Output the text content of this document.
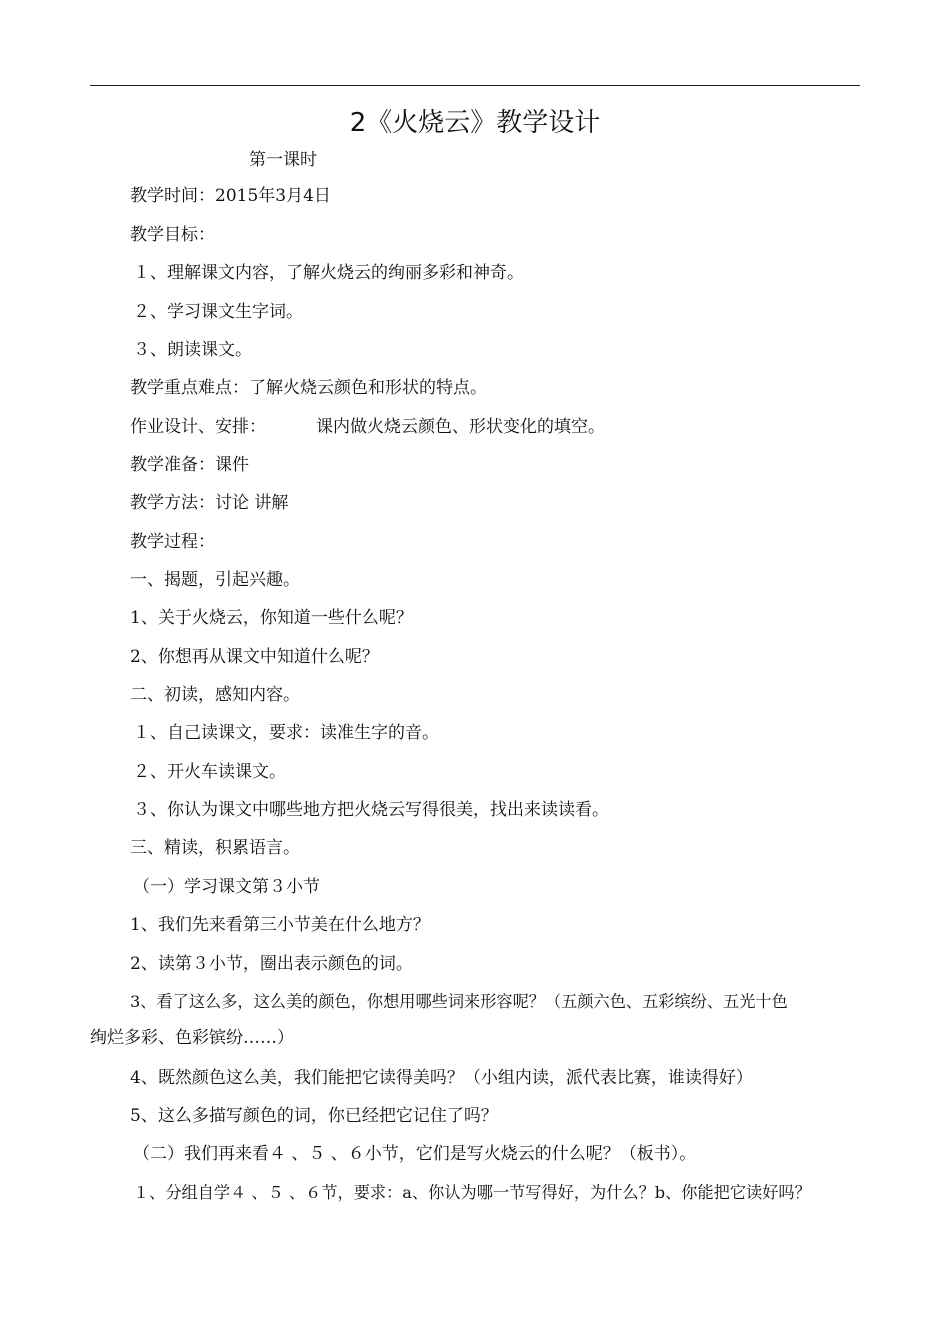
2《火烧云》教学设计
第一课时
教学时间：2015年3月4日
教学目标：
１、理解课文内容，了解火烧云的绚丽多彩和神奇。
２、学习课文生字词。
３、朗读课文。
教学重点难点：了解火烧云颜色和形状的特点。
作业设计、安排：	课内做火烧云颜色、形状变化的填空。
教学准备：课件
教学方法：讨论 讲解
教学过程：
一、揭题，引起兴趣。
1、关于火烧云，你知道一些什么呢？
2、你想再从课文中知道什么呢？
二、初读，感知内容。
１、自己读课文，要求：读准生字的音。
２、开火车读课文。
３、你认为课文中哪些地方把火烧云写得很美，找出来读读看。
三、精读，积累语言。
（一）学习课文第３小节
1、我们先来看第三小节美在什么地方？
2、读第３小节，圈出表示颜色的词。
3、看了这么多，这么美的颜色，你想用哪些词来形容呢？（五颜六色、五彩缤纷、五光十色
绚烂多彩、色彩镔纷……）
4、既然颜色这么美，我们能把它读得美吗？（小组内读，派代表比赛，谁读得好）
5、这么多描写颜色的词，你已经把它记住了吗？
（二）我们再来看４ 、５ 、６小节，它们是写火烧云的什么呢？（板书）。
１、分组自学４ 、５ 、６节，要求：a、你认为哪一节写得好，为什么？b、你能把它读好吗？
